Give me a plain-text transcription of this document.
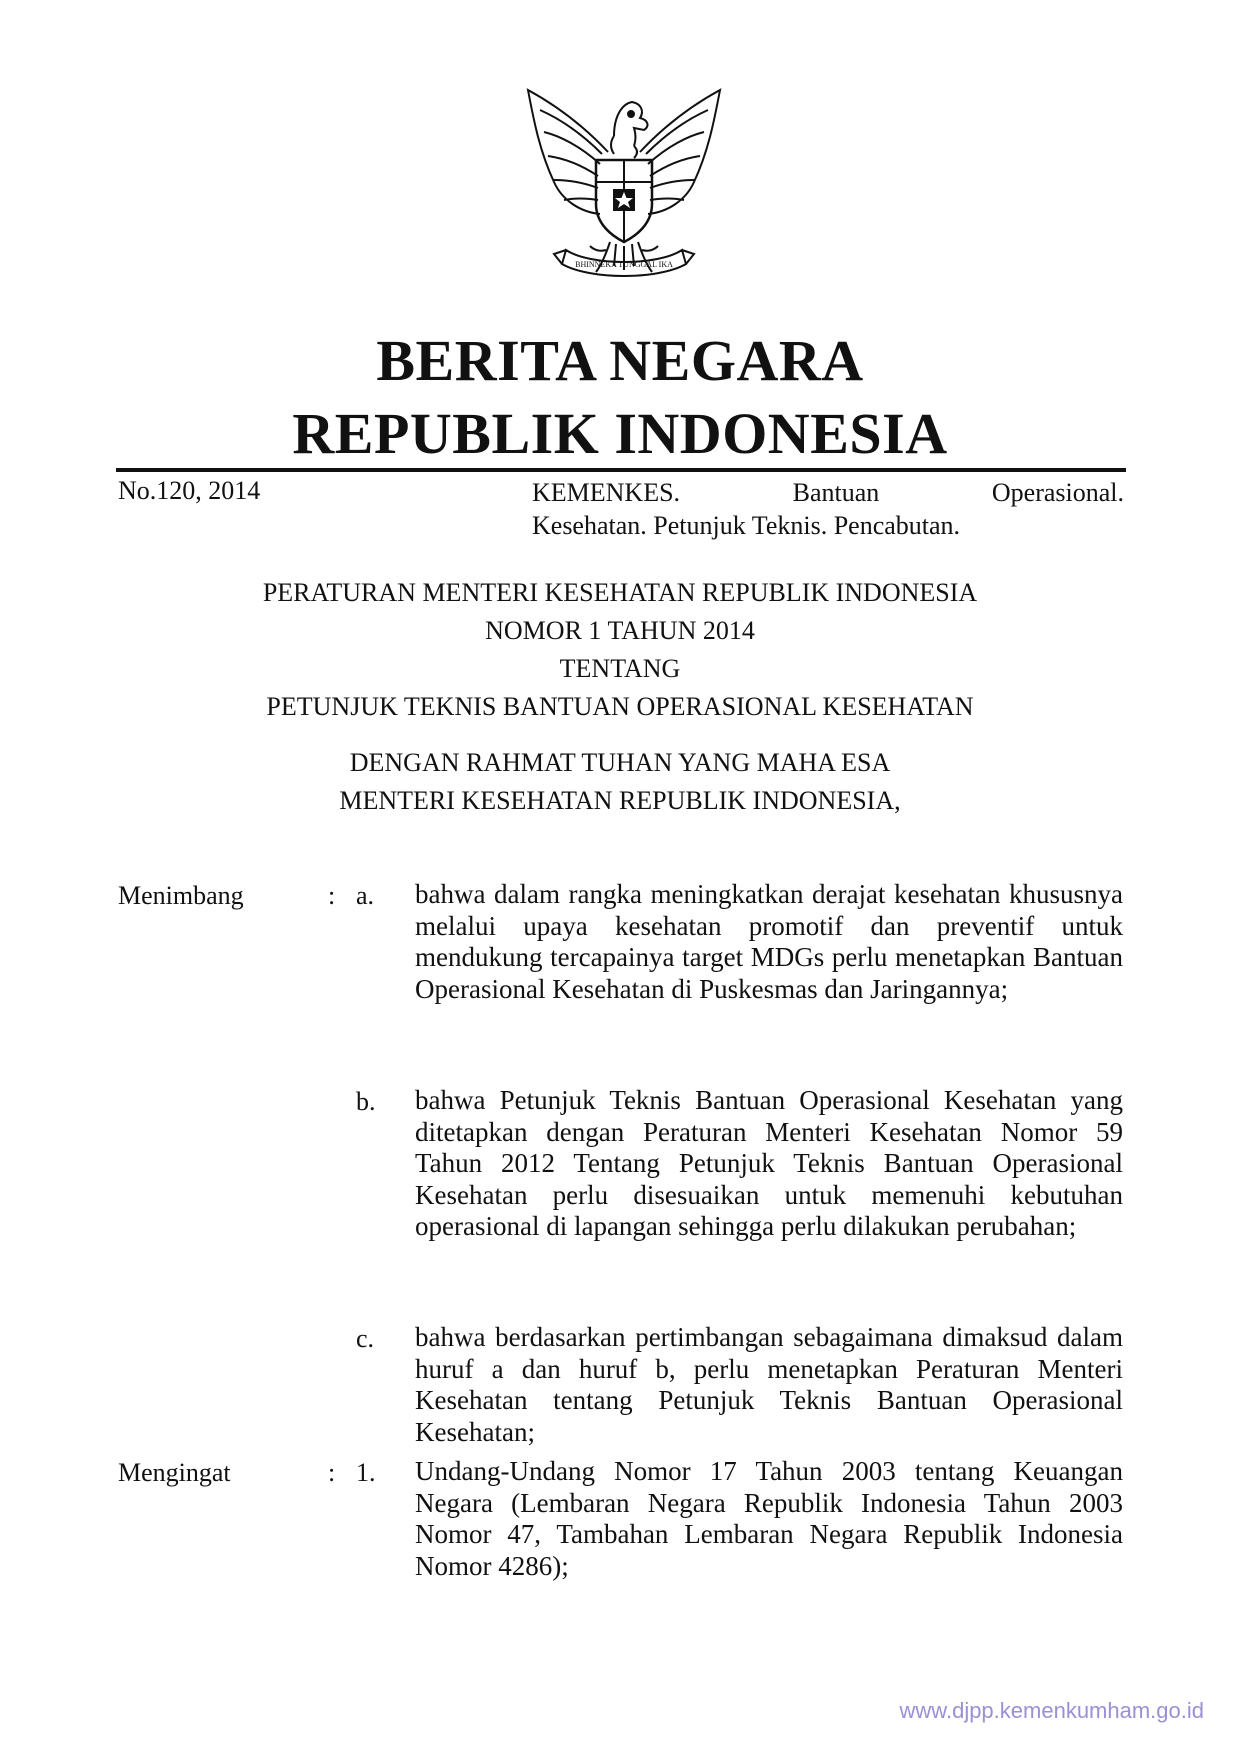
BHINNEKA TUNGGAL IKA
BERITA NEGARA
REPUBLIK INDONESIA
No.120, 2014	KEMENKES.	Bantuan	Operasional.
Kesehatan. Petunjuk Teknis. Pencabutan.
PERATURAN MENTERI KESEHATAN REPUBLIK INDONESIA
NOMOR 1 TAHUN 2014
TENTANG
PETUNJUK TEKNIS BANTUAN OPERASIONAL KESEHATAN
DENGAN RAHMAT TUHAN YANG MAHA ESA
MENTERI KESEHATAN REPUBLIK INDONESIA,
Menimbang	: a.	bahwa dalam rangka meningkatkan derajat kesehatan khususnya melalui upaya kesehatan promotif dan preventif untuk mendukung tercapainya target MDGs perlu menetapkan Bantuan Operasional Kesehatan di Puskesmas dan Jaringannya;
b.	bahwa Petunjuk Teknis Bantuan Operasional Kesehatan yang ditetapkan dengan Peraturan Menteri Kesehatan Nomor 59 Tahun 2012 Tentang Petunjuk Teknis Bantuan Operasional Kesehatan perlu disesuaikan untuk memenuhi kebutuhan operasional di lapangan sehingga perlu dilakukan perubahan;
c.	bahwa berdasarkan pertimbangan sebagaimana dimaksud dalam huruf a dan huruf b, perlu menetapkan Peraturan Menteri Kesehatan tentang Petunjuk Teknis Bantuan Operasional Kesehatan;
Mengingat	: 1.	Undang-Undang Nomor 17 Tahun 2003 tentang Keuangan Negara (Lembaran Negara Republik Indonesia Tahun 2003 Nomor 47, Tambahan Lembaran Negara Republik Indonesia Nomor 4286);
www.djpp.kemenkumham.go.id
